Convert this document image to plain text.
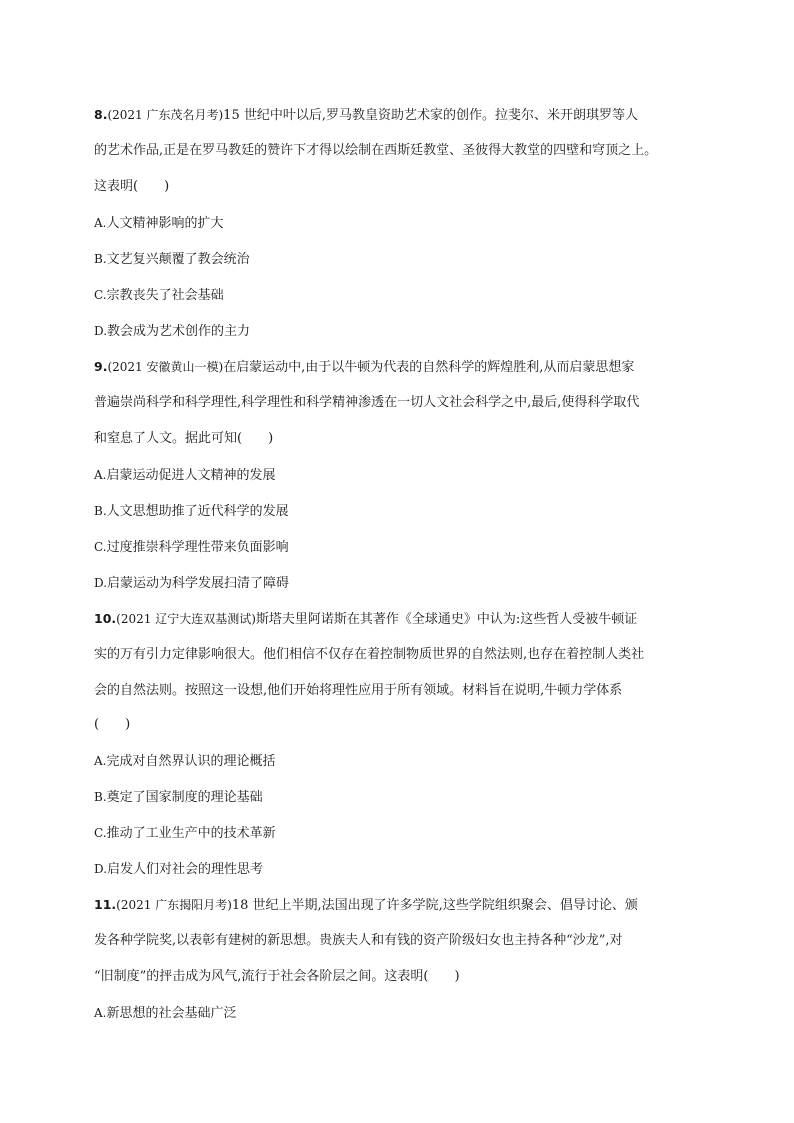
8.(2021 广东茂名月考)15 世纪中叶以后,罗马教皇资助艺术家的创作。拉斐尔、米开朗琪罗等人
的艺术作品,正是在罗马教廷的赞许下才得以绘制在西斯廷教堂、圣彼得大教堂的四壁和穹顶之上。
这表明(　　)
A.人文精神影响的扩大
B.文艺复兴颠覆了教会统治
C.宗教丧失了社会基础
D.教会成为艺术创作的主力
9.(2021 安徽黄山一模)在启蒙运动中,由于以牛顿为代表的自然科学的辉煌胜利,从而启蒙思想家
普遍崇尚科学和科学理性,科学理性和科学精神渗透在一切人文社会科学之中,最后,使得科学取代
和窒息了人文。据此可知(　　)
A.启蒙运动促进人文精神的发展
B.人文思想助推了近代科学的发展
C.过度推崇科学理性带来负面影响
D.启蒙运动为科学发展扫清了障碍
10.(2021 辽宁大连双基测试)斯塔夫里阿诺斯在其著作《全球通史》中认为:这些哲人受被牛顿证
实的万有引力定律影响很大。他们相信不仅存在着控制物质世界的自然法则,也存在着控制人类社
会的自然法则。按照这一设想,他们开始将理性应用于所有领域。材料旨在说明,牛顿力学体系
(　　)
A.完成对自然界认识的理论概括
B.奠定了国家制度的理论基础
C.推动了工业生产中的技术革新
D.启发人们对社会的理性思考
11.(2021 广东揭阳月考)18 世纪上半期,法国出现了许多学院,这些学院组织聚会、倡导讨论、颁
发各种学院奖,以表彰有建树的新思想。贵族夫人和有钱的资产阶级妇女也主持各种“沙龙”,对
“旧制度”的抨击成为风气,流行于社会各阶层之间。这表明(　　)
A.新思想的社会基础广泛
